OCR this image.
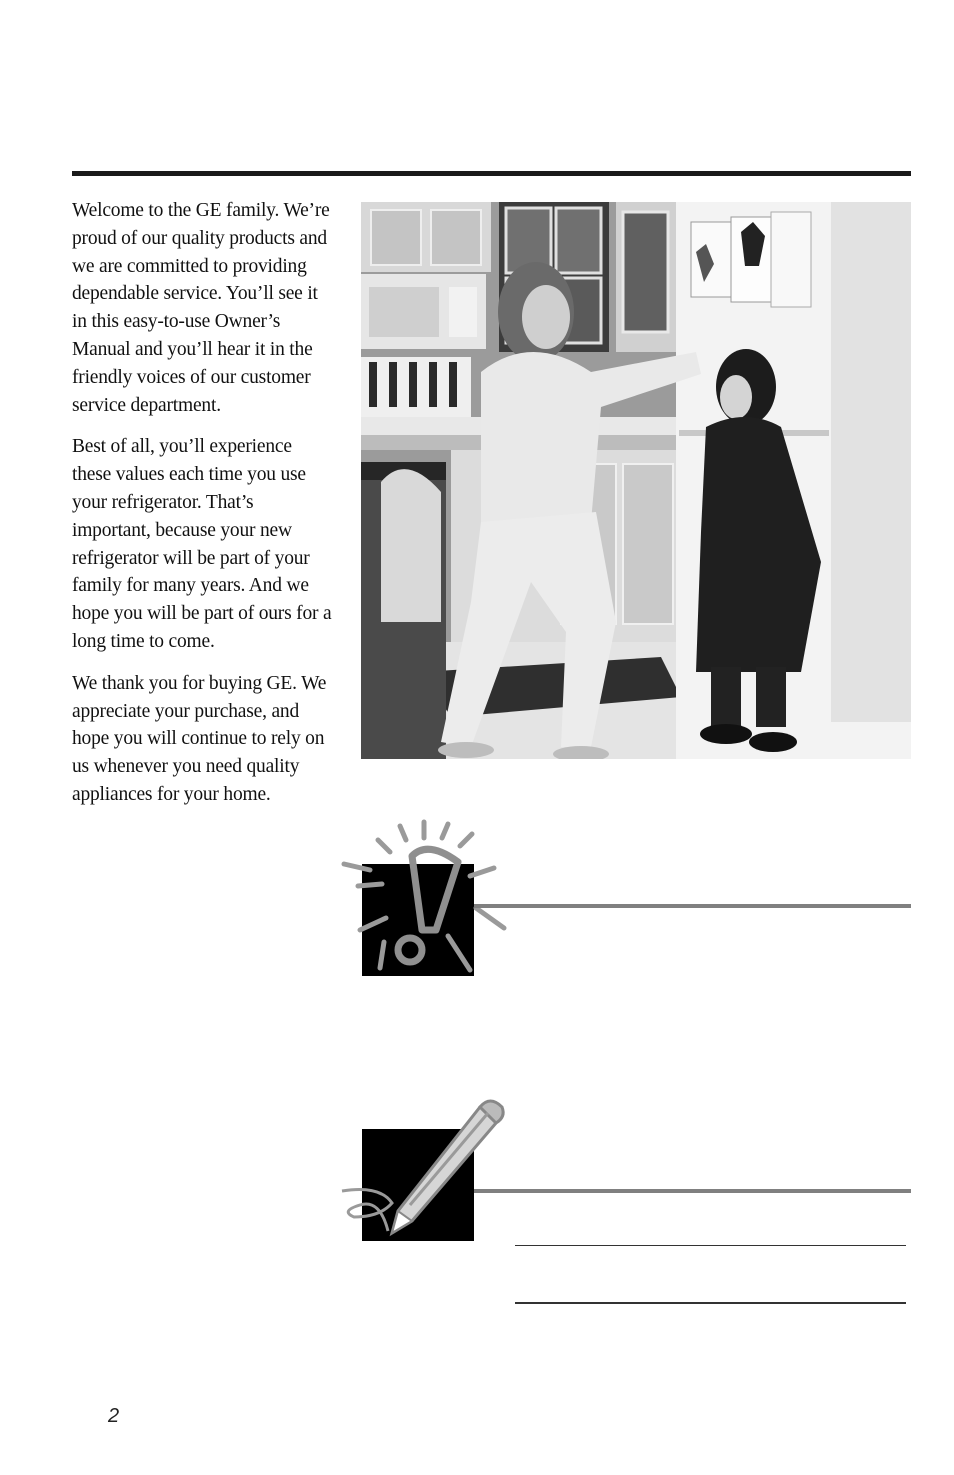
Welcome to the GE family. We’re proud of our quality products and we are committed to providing dependable service. You’ll see it in this easy-to-use Owner’s Manual and you’ll hear it in the friendly voices of our customer service department.

Best of all, you’ll experience these values each time you use your refrigerator. That’s important, because your new refrigerator will be part of your family for many years. And we hope you will be part of ours for a long time to come.

We thank you for buying GE. We appreciate your purchase, and hope you will continue to rely on us whenever you need quality appliances for your home.

2
